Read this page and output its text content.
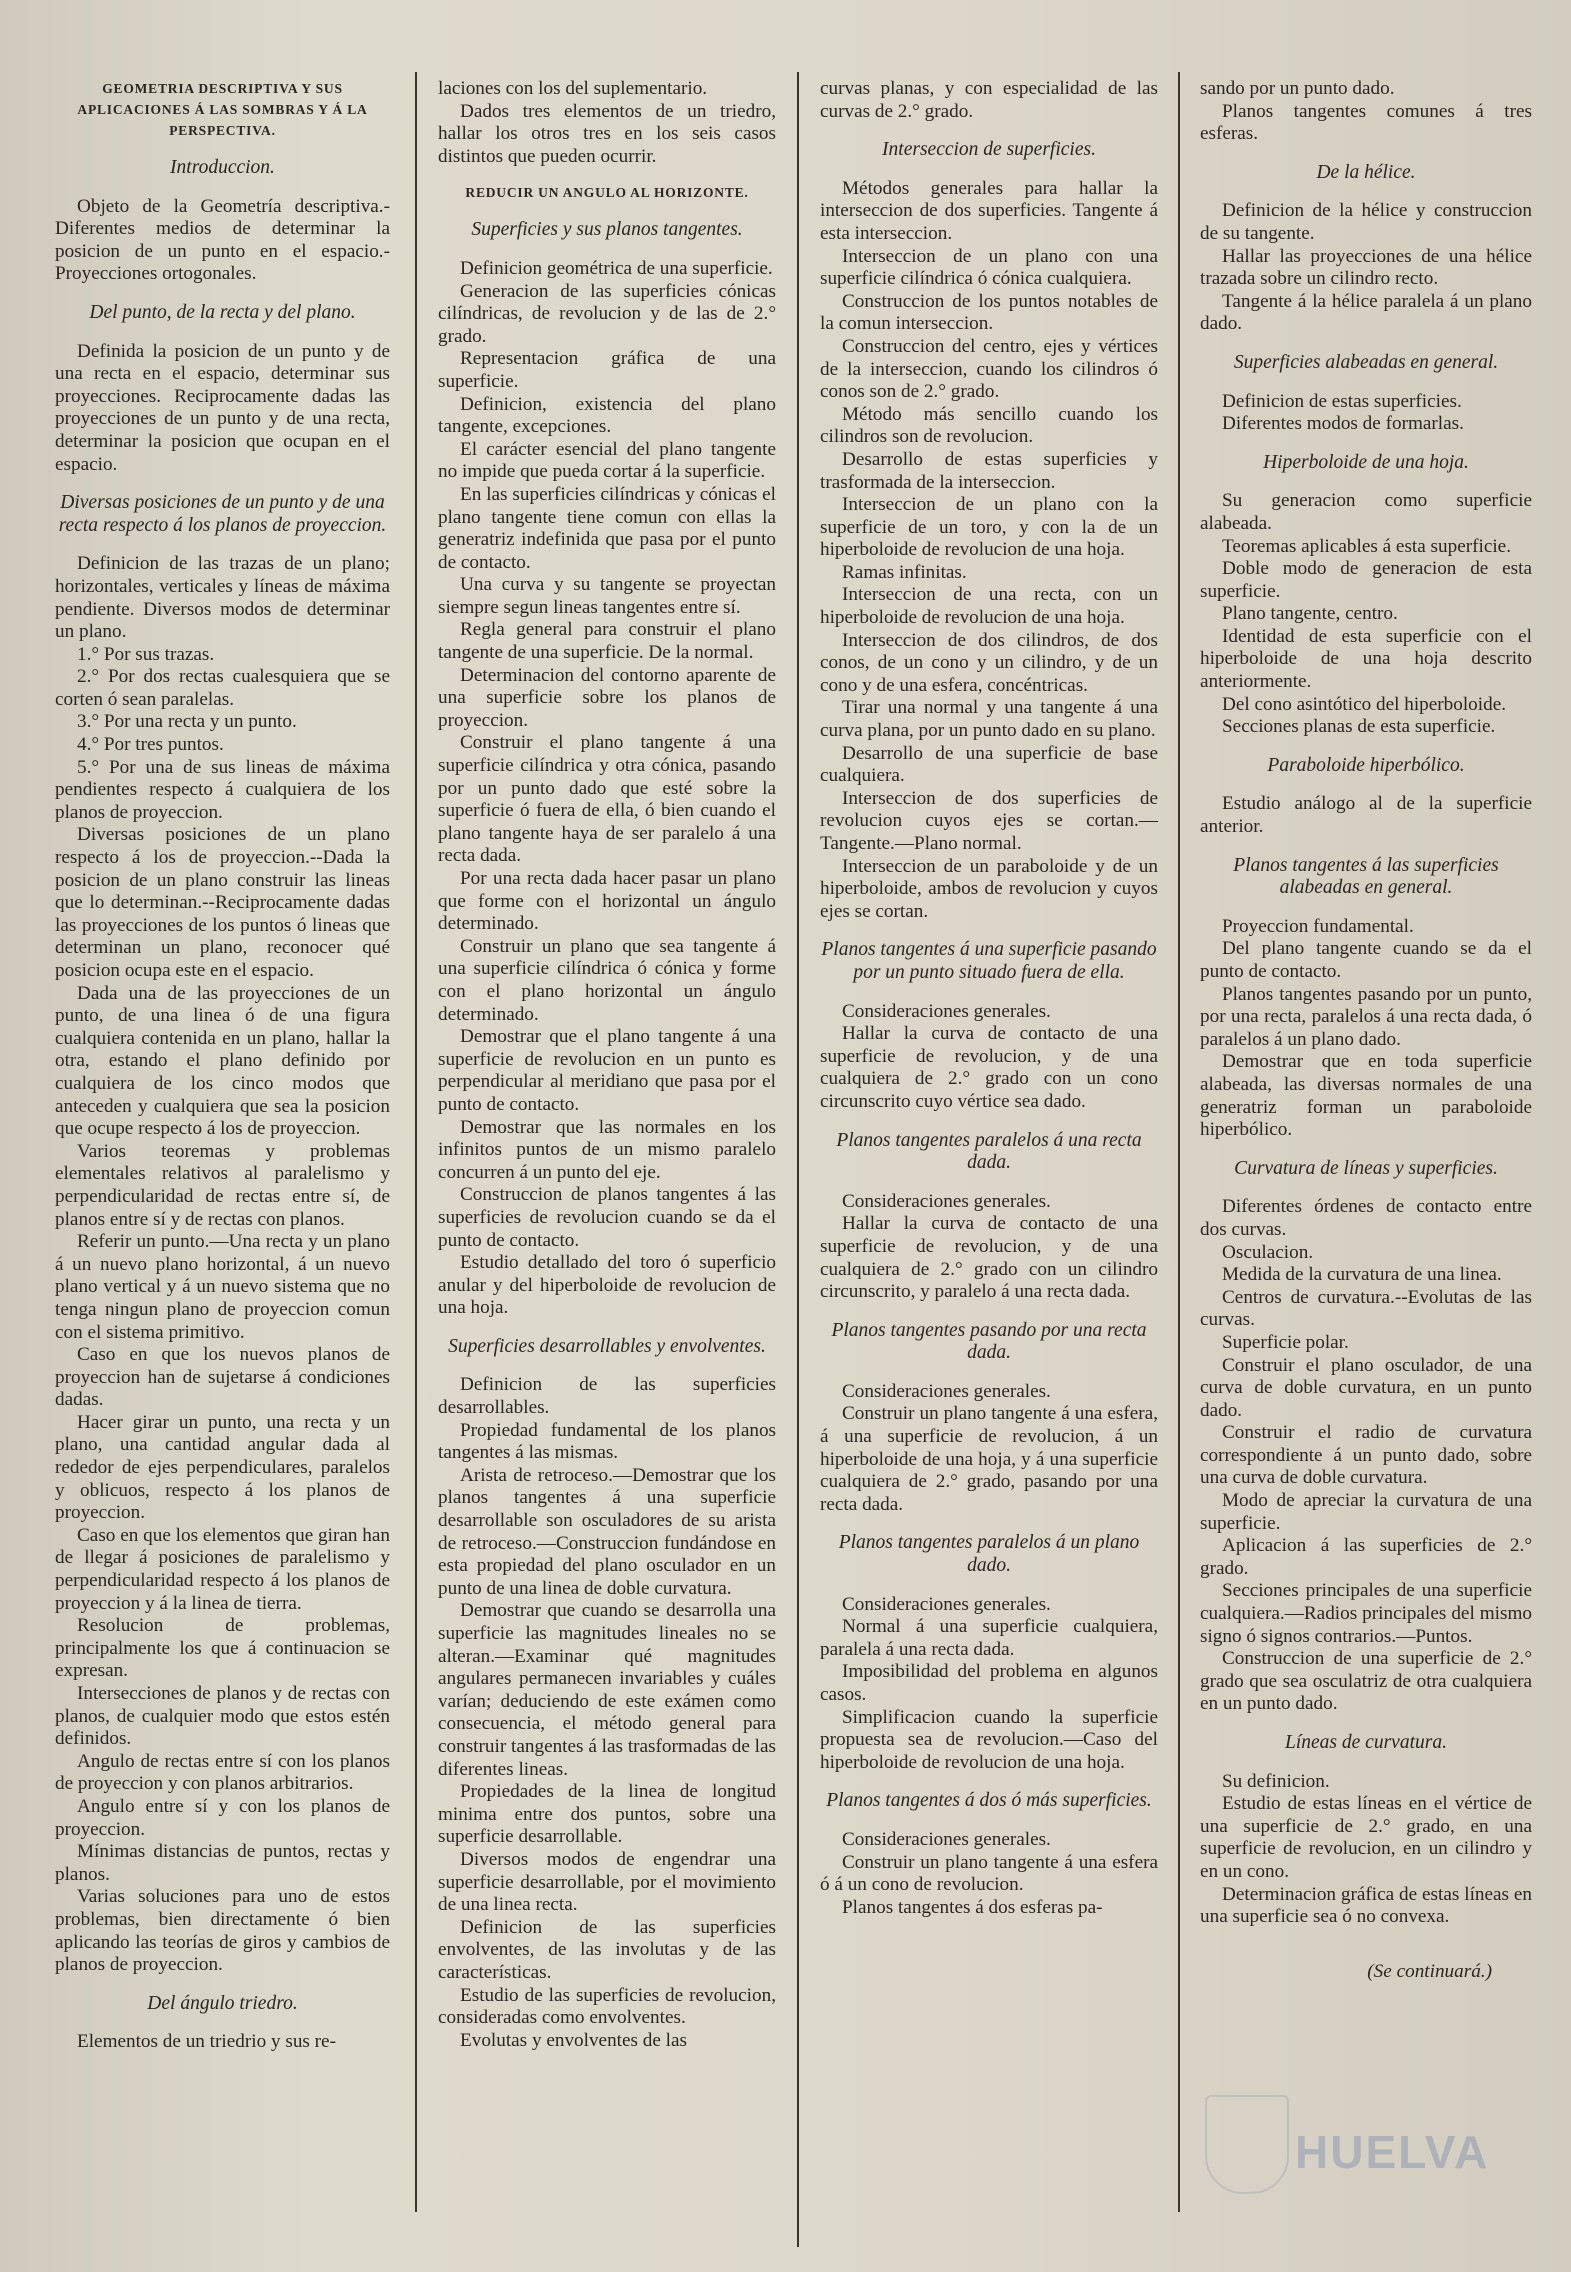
GEOMETRIA DESCRIPTIVA Y SUS APLICACIONES Á LAS SOMBRAS Y Á LA PERSPECTIVA.
Introduccion.

Objeto de la Geometría descriptiva.-Diferentes medios de determinar la posicion de un punto en el espacio.-Proyecciones ortogonales.

Del punto, de la recta y del plano.

Definida la posicion de un punto y de una recta en el espacio, determinar sus proyecciones. Reciprocamente dadas las proyecciones de un punto y de una recta, determinar la posicion que ocupan en el espacio.

Diversas posiciones de un punto y de una recta respecto á los planos de proyeccion.

Definicion de las trazas de un plano; horizontales, verticales y líneas de máxima pendiente. Diversos modos de determinar un plano.

1.° Por sus trazas.

2.° Por dos rectas cualesquiera que se corten ó sean paralelas.

3.° Por una recta y un punto.

4.° Por tres puntos.

5.° Por una de sus lineas de máxima pendientes respecto á cualquiera de los planos de proyeccion.

Diversas posiciones de un plano respecto á los de proyeccion.--Dada la posicion de un plano construir las lineas que lo determinan.--Reciprocamente dadas las proyecciones de los puntos ó lineas que determinan un plano, reconocer qué posicion ocupa este en el espacio.

Dada una de las proyecciones de un punto, de una linea ó de una figura cualquiera contenida en un plano, hallar la otra, estando el plano definido por cualquiera de los cinco modos que anteceden y cualquiera que sea la posicion que ocupe respecto á los de proyeccion.

Varios teoremas y problemas elementales relativos al paralelismo y perpendicularidad de rectas entre sí, de planos entre sí y de rectas con planos.

Referir un punto.—Una recta y un plano á un nuevo plano horizontal, á un nuevo plano vertical y á un nuevo sistema que no tenga ningun plano de proyeccion comun con el sistema primitivo.

Caso en que los nuevos planos de proyeccion han de sujetarse á condiciones dadas.

Hacer girar un punto, una recta y un plano, una cantidad angular dada al rededor de ejes perpendiculares, paralelos y oblicuos, respecto á los planos de proyeccion.

Caso en que los elementos que giran han de llegar á posiciones de paralelismo y perpendicularidad respecto á los planos de proyeccion y á la linea de tierra.

Resolucion de problemas, principalmente los que á continuacion se expresan.

Intersecciones de planos y de rectas con planos, de cualquier modo que estos estén definidos.

Angulo de rectas entre sí con los planos de proyeccion y con planos arbitrarios.

Angulo entre sí y con los planos de proyeccion.

Mínimas distancias de puntos, rectas y planos.

Varias soluciones para uno de estos problemas, bien directamente ó bien aplicando las teorías de giros y cambios de planos de proyeccion.

Del ángulo triedro.

Elementos de un triedrio y sus re-

laciones con los del suplementario.

Dados tres elementos de un triedro, hallar los otros tres en los seis casos distintos que pueden ocurrir.

REDUCIR UN ANGULO AL HORIZONTE.
Superficies y sus planos tangentes.

Definicion geométrica de una superficie.

Generacion de las superficies cónicas cilíndricas, de revolucion y de las de 2.° grado.

Representacion gráfica de una superficie.

Definicion, existencia del plano tangente, excepciones.

El carácter esencial del plano tangente no impide que pueda cortar á la superficie.

En las superficies cilíndricas y cónicas el plano tangente tiene comun con ellas la generatriz indefinida que pasa por el punto de contacto.

Una curva y su tangente se proyectan siempre segun lineas tangentes entre sí.

Regla general para construir el plano tangente de una superficie. De la normal.

Determinacion del contorno aparente de una superficie sobre los planos de proyeccion.

Construir el plano tangente á una superficie cilíndrica y otra cónica, pasando por un punto dado que esté sobre la superficie ó fuera de ella, ó bien cuando el plano tangente haya de ser paralelo á una recta dada.

Por una recta dada hacer pasar un plano que forme con el horizontal un ángulo determinado.

Construir un plano que sea tangente á una superficie cilíndrica ó cónica y forme con el plano horizontal un ángulo determinado.

Demostrar que el plano tangente á una superficie de revolucion en un punto es perpendicular al meridiano que pasa por el punto de contacto.

Demostrar que las normales en los infinitos puntos de un mismo paralelo concurren á un punto del eje.

Construccion de planos tangentes á las superficies de revolucion cuando se da el punto de contacto.

Estudio detallado del toro ó superficio anular y del hiperboloide de revolucion de una hoja.

Superficies desarrollables y envolventes.

Definicion de las superficies desarrollables.

Propiedad fundamental de los planos tangentes á las mismas.

Arista de retroceso.—Demostrar que los planos tangentes á una superficie desarrollable son osculadores de su arista de retroceso.—Construccion fundándose en esta propiedad del plano osculador en un punto de una linea de doble curvatura.

Demostrar que cuando se desarrolla una superficie las magnitudes lineales no se alteran.—Examinar qué magnitudes angulares permanecen invariables y cuáles varían; deduciendo de este exámen como consecuencia, el método general para construir tangentes á las trasformadas de las diferentes lineas.

Propiedades de la linea de longitud minima entre dos puntos, sobre una superficie desarrollable.

Diversos modos de engendrar una superficie desarrollable, por el movimiento de una linea recta.

Definicion de las superficies envolventes, de las involutas y de las características.

Estudio de las superficies de revolucion, consideradas como envolventes.

Evolutas y envolventes de las

curvas planas, y con especialidad de las curvas de 2.° grado.

Interseccion de superficies.

Métodos generales para hallar la interseccion de dos superficies. Tangente á esta interseccion.

Interseccion de un plano con una superficie cilíndrica ó cónica cualquiera.

Construccion de los puntos notables de la comun interseccion.

Construccion del centro, ejes y vértices de la interseccion, cuando los cilindros ó conos son de 2.° grado.

Método más sencillo cuando los cilindros son de revolucion.

Desarrollo de estas superficies y trasformada de la interseccion.

Interseccion de un plano con la superficie de un toro, y con la de un hiperboloide de revolucion de una hoja.

Ramas infinitas.

Interseccion de una recta, con un hiperboloide de revolucion de una hoja.

Interseccion de dos cilindros, de dos conos, de un cono y un cilindro, y de un cono y de una esfera, concéntricas.

Tirar una normal y una tangente á una curva plana, por un punto dado en su plano.

Desarrollo de una superficie de base cualquiera.

Interseccion de dos superficies de revolucion cuyos ejes se cortan.—Tangente.—Plano normal.

Interseccion de un paraboloide y de un hiperboloide, ambos de revolucion y cuyos ejes se cortan.

Planos tangentes á una superficie pasando por un punto situado fuera de ella.

Consideraciones generales.

Hallar la curva de contacto de una superficie de revolucion, y de una cualquiera de 2.° grado con un cono circunscrito cuyo vértice sea dado.

Planos tangentes paralelos á una recta dada.

Consideraciones generales.

Hallar la curva de contacto de una superficie de revolucion, y de una cualquiera de 2.° grado con un cilindro circunscrito, y paralelo á una recta dada.

Planos tangentes pasando por una recta dada.

Consideraciones generales.

Construir un plano tangente á una esfera, á una superficie de revolucion, á un hiperboloide de una hoja, y á una superficie cualquiera de 2.° grado, pasando por una recta dada.

Planos tangentes paralelos á un plano dado.

Consideraciones generales.

Normal á una superficie cualquiera, paralela á una recta dada.

Imposibilidad del problema en algunos casos.

Simplificacion cuando la superficie propuesta sea de revolucion.—Caso del hiperboloide de revolucion de una hoja.

Planos tangentes á dos ó más superficies.

Consideraciones generales.

Construir un plano tangente á una esfera ó á un cono de revolucion.

Planos tangentes á dos esferas pa-

sando por un punto dado.

Planos tangentes comunes á tres esferas.

De la hélice.

Definicion de la hélice y construccion de su tangente.

Hallar las proyecciones de una hélice trazada sobre un cilindro recto.

Tangente á la hélice paralela á un plano dado.

Superficies alabeadas en general.

Definicion de estas superficies.

Diferentes modos de formarlas.

Hiperboloide de una hoja.

Su generacion como superficie alabeada.

Teoremas aplicables á esta superficie.

Doble modo de generacion de esta superficie.

Plano tangente, centro.

Identidad de esta superficie con el hiperboloide de una hoja descrito anteriormente.

Del cono asintótico del hiperboloide.

Secciones planas de esta superficie.

Paraboloide hiperbólico.

Estudio análogo al de la superficie anterior.

Planos tangentes á las superficies alabeadas en general.

Proyeccion fundamental.

Del plano tangente cuando se da el punto de contacto.

Planos tangentes pasando por un punto, por una recta, paralelos á una recta dada, ó paralelos á un plano dado.

Demostrar que en toda superficie alabeada, las diversas normales de una generatriz forman un paraboloide hiperbólico.

Curvatura de líneas y superficies.

Diferentes órdenes de contacto entre dos curvas.

Osculacion.

Medida de la curvatura de una linea.

Centros de curvatura.--Evolutas de las curvas.

Superficie polar.

Construir el plano osculador, de una curva de doble curvatura, en un punto dado.

Construir el radio de curvatura correspondiente á un punto dado, sobre una curva de doble curvatura.

Modo de apreciar la curvatura de una superficie.

Aplicacion á las superficies de 2.° grado.

Secciones principales de una superficie cualquiera.—Radios principales del mismo signo ó signos contrarios.—Puntos.

Construccion de una superficie de 2.° grado que sea osculatriz de otra cualquiera en un punto dado.

Líneas de curvatura.

Su definicion.

Estudio de estas líneas en el vértice de una superficie de 2.° grado, en una superficie de revolucion, en un cilindro y en un cono.

Determinacion gráfica de estas líneas en una superficie sea ó no convexa.

(Se continuará.)
HUELVA
